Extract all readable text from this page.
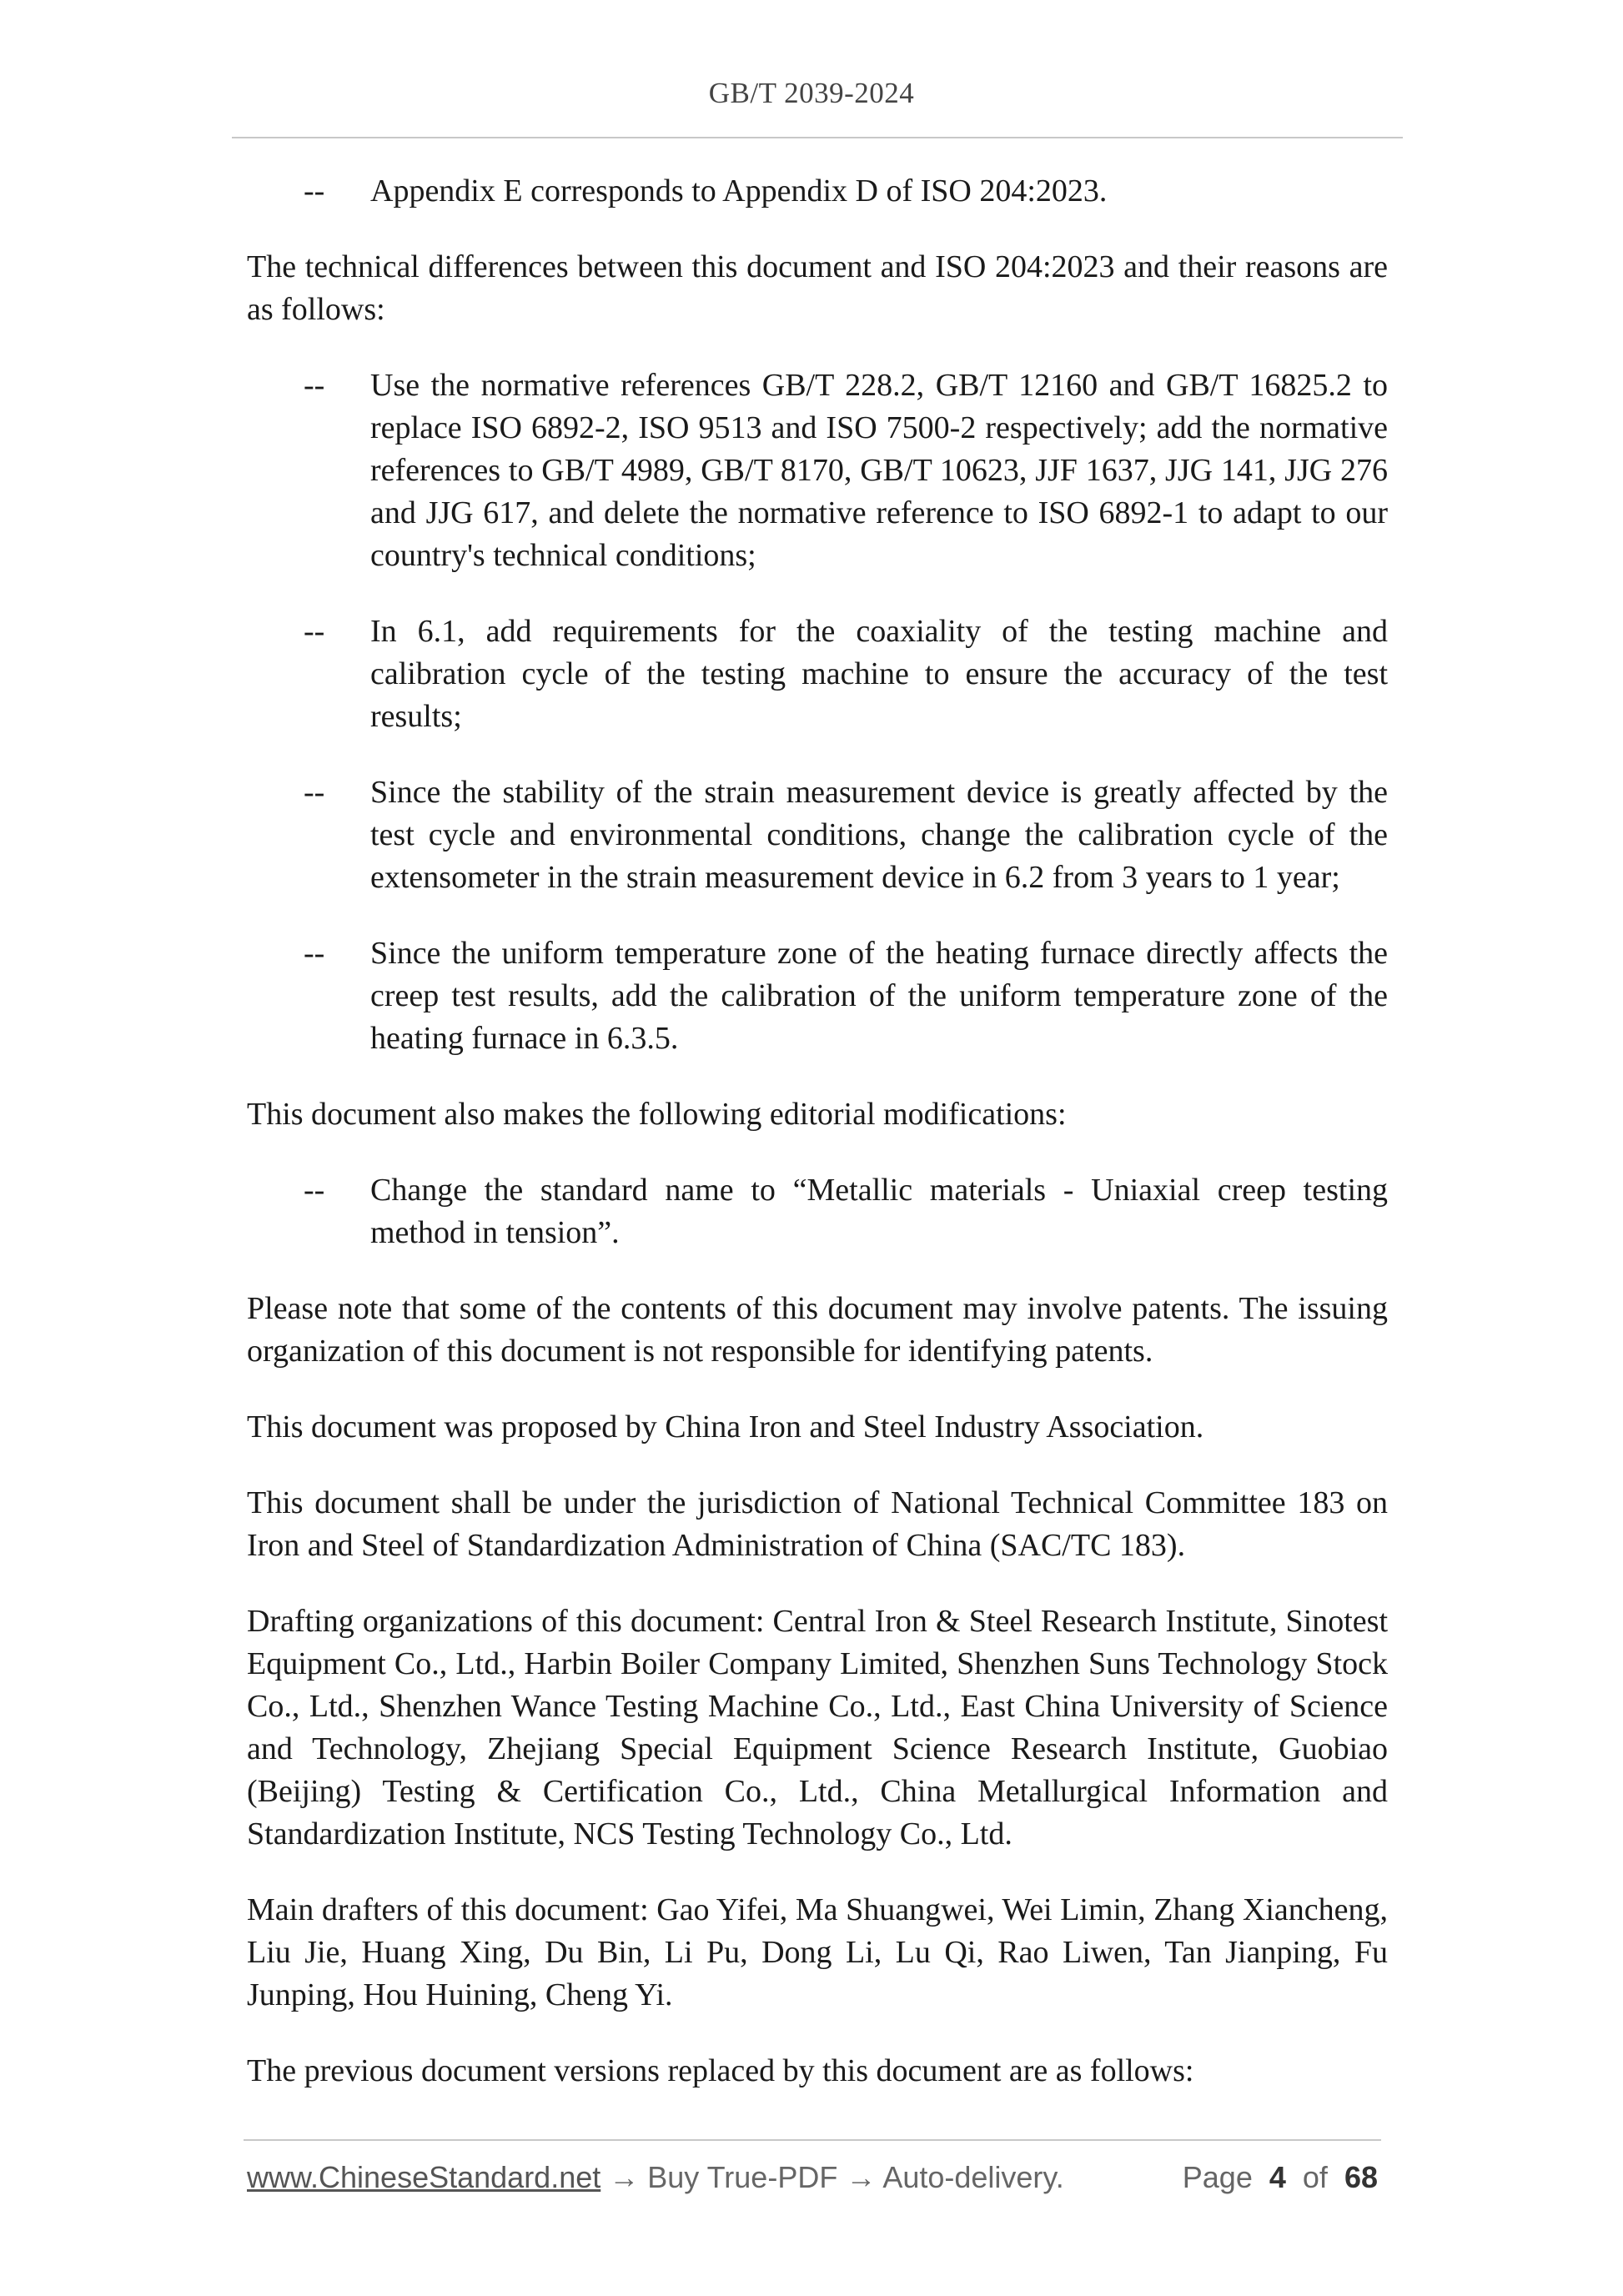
GB/T 2039-2024
--	Appendix E corresponds to Appendix D of ISO 204:2023.

The technical differences between this document and ISO 204:2023 and their reasons are as follows:

--	Use the normative references GB/T 228.2, GB/T 12160 and GB/T 16825.2 to replace ISO 6892-2, ISO 9513 and ISO 7500-2 respectively; add the normative references to GB/T 4989, GB/T 8170, GB/T 10623, JJF 1637, JJG 141, JJG 276 and JJG 617, and delete the normative reference to ISO 6892-1 to adapt to our country's technical conditions;
--	In 6.1, add requirements for the coaxiality of the testing machine and calibration cycle of the testing machine to ensure the accuracy of the test results;
--	Since the stability of the strain measurement device is greatly affected by the test cycle and environmental conditions, change the calibration cycle of the extensometer in the strain measurement device in 6.2 from 3 years to 1 year;
--	Since the uniform temperature zone of the heating furnace directly affects the creep test results, add the calibration of the uniform temperature zone of the heating furnace in 6.3.5.

This document also makes the following editorial modifications:

--	Change the standard name to “Metallic materials - Uniaxial creep testing method in tension”.

Please note that some of the contents of this document may involve patents. The issuing organization of this document is not responsible for identifying patents.

This document was proposed by China Iron and Steel Industry Association.

This document shall be under the jurisdiction of National Technical Committee 183 on Iron and Steel of Standardization Administration of China (SAC/TC 183).

Drafting organizations of this document: Central Iron & Steel Research Institute, Sinotest Equipment Co., Ltd., Harbin Boiler Company Limited, Shenzhen Suns Technology Stock Co., Ltd., Shenzhen Wance Testing Machine Co., Ltd., East China University of Science and Technology, Zhejiang Special Equipment Science Research Institute, Guobiao (Beijing) Testing & Certification Co., Ltd., China Metallurgical Information and Standardization Institute, NCS Testing Technology Co., Ltd.

Main drafters of this document: Gao Yifei, Ma Shuangwei, Wei Limin, Zhang Xiancheng, Liu Jie, Huang Xing, Du Bin, Li Pu, Dong Li, Lu Qi, Rao Liwen, Tan Jianping, Fu Junping, Hou Huining, Cheng Yi.

The previous document versions replaced by this document are as follows:

www.ChineseStandard.net → Buy True-PDF → Auto-delivery.	Page 4 of 68
